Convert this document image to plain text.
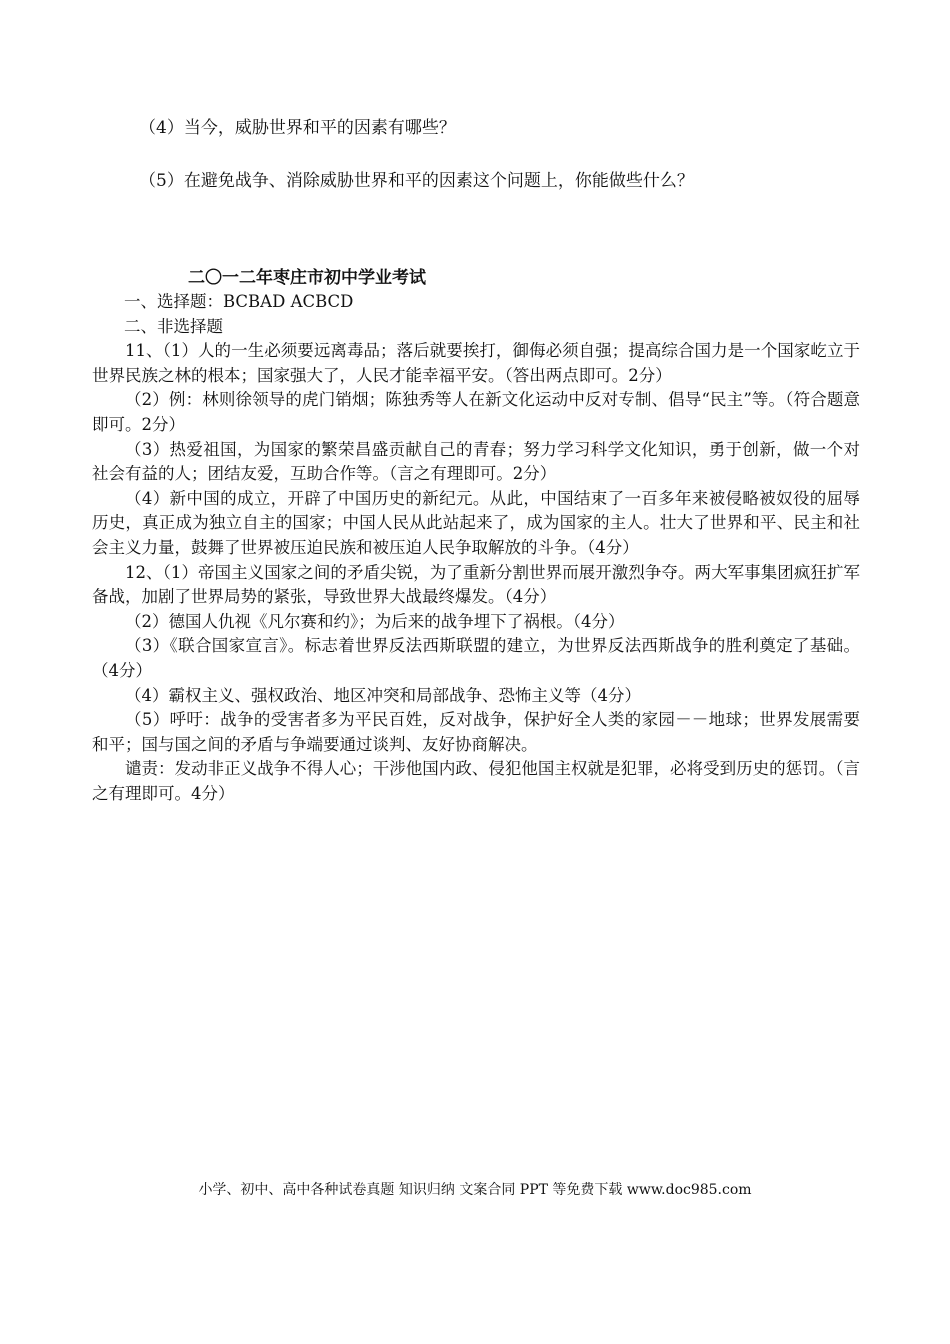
（4）当今，威胁世界和平的因素有哪些？
（5）在避免战争、消除威胁世界和平的因素这个问题上，你能做些什么？
二〇一二年枣庄市初中学业考试

一、选择题：BCBAD ACBCD

二、非选择题

11、（1）人的一生必须要远离毒品；落后就要挨打，御侮必须自强；提高综合国力是一个国家屹立于世界民族之林的根本；国家强大了，人民才能幸福平安。（答出两点即可。2分）

（2）例：林则徐领导的虎门销烟；陈独秀等人在新文化运动中反对专制、倡导“民主”等。（符合题意即可。2分）

（3）热爱祖国，为国家的繁荣昌盛贡献自己的青春；努力学习科学文化知识，勇于创新，做一个对社会有益的人；团结友爱，互助合作等。（言之有理即可。2分）

（4）新中国的成立，开辟了中国历史的新纪元。从此，中国结束了一百多年来被侵略被奴役的屈辱历史，真正成为独立自主的国家；中国人民从此站起来了，成为国家的主人。壮大了世界和平、民主和社会主义力量，鼓舞了世界被压迫民族和被压迫人民争取解放的斗争。（4分）

12、（1）帝国主义国家之间的矛盾尖锐，为了重新分割世界而展开激烈争夺。两大军事集团疯狂扩军备战，加剧了世界局势的紧张，导致世界大战最终爆发。（4分）

（2）德国人仇视《凡尔赛和约》；为后来的战争埋下了祸根。（4分）

（3）《联合国家宣言》。标志着世界反法西斯联盟的建立，为世界反法西斯战争的胜利奠定了基础。（4分）

（4）霸权主义、强权政治、地区冲突和局部战争、恐怖主义等（4分）

（5）呼吁：战争的受害者多为平民百姓，反对战争，保护好全人类的家园－－地球；世界发展需要和平；国与国之间的矛盾与争端要通过谈判、友好协商解决。

谴责：发动非正义战争不得人心；干涉他国内政、侵犯他国主权就是犯罪，必将受到历史的惩罚。（言之有理即可。4分）

小学、初中、高中各种试卷真题 知识归纳 文案合同 PPT 等免费下载 www.doc985.com
